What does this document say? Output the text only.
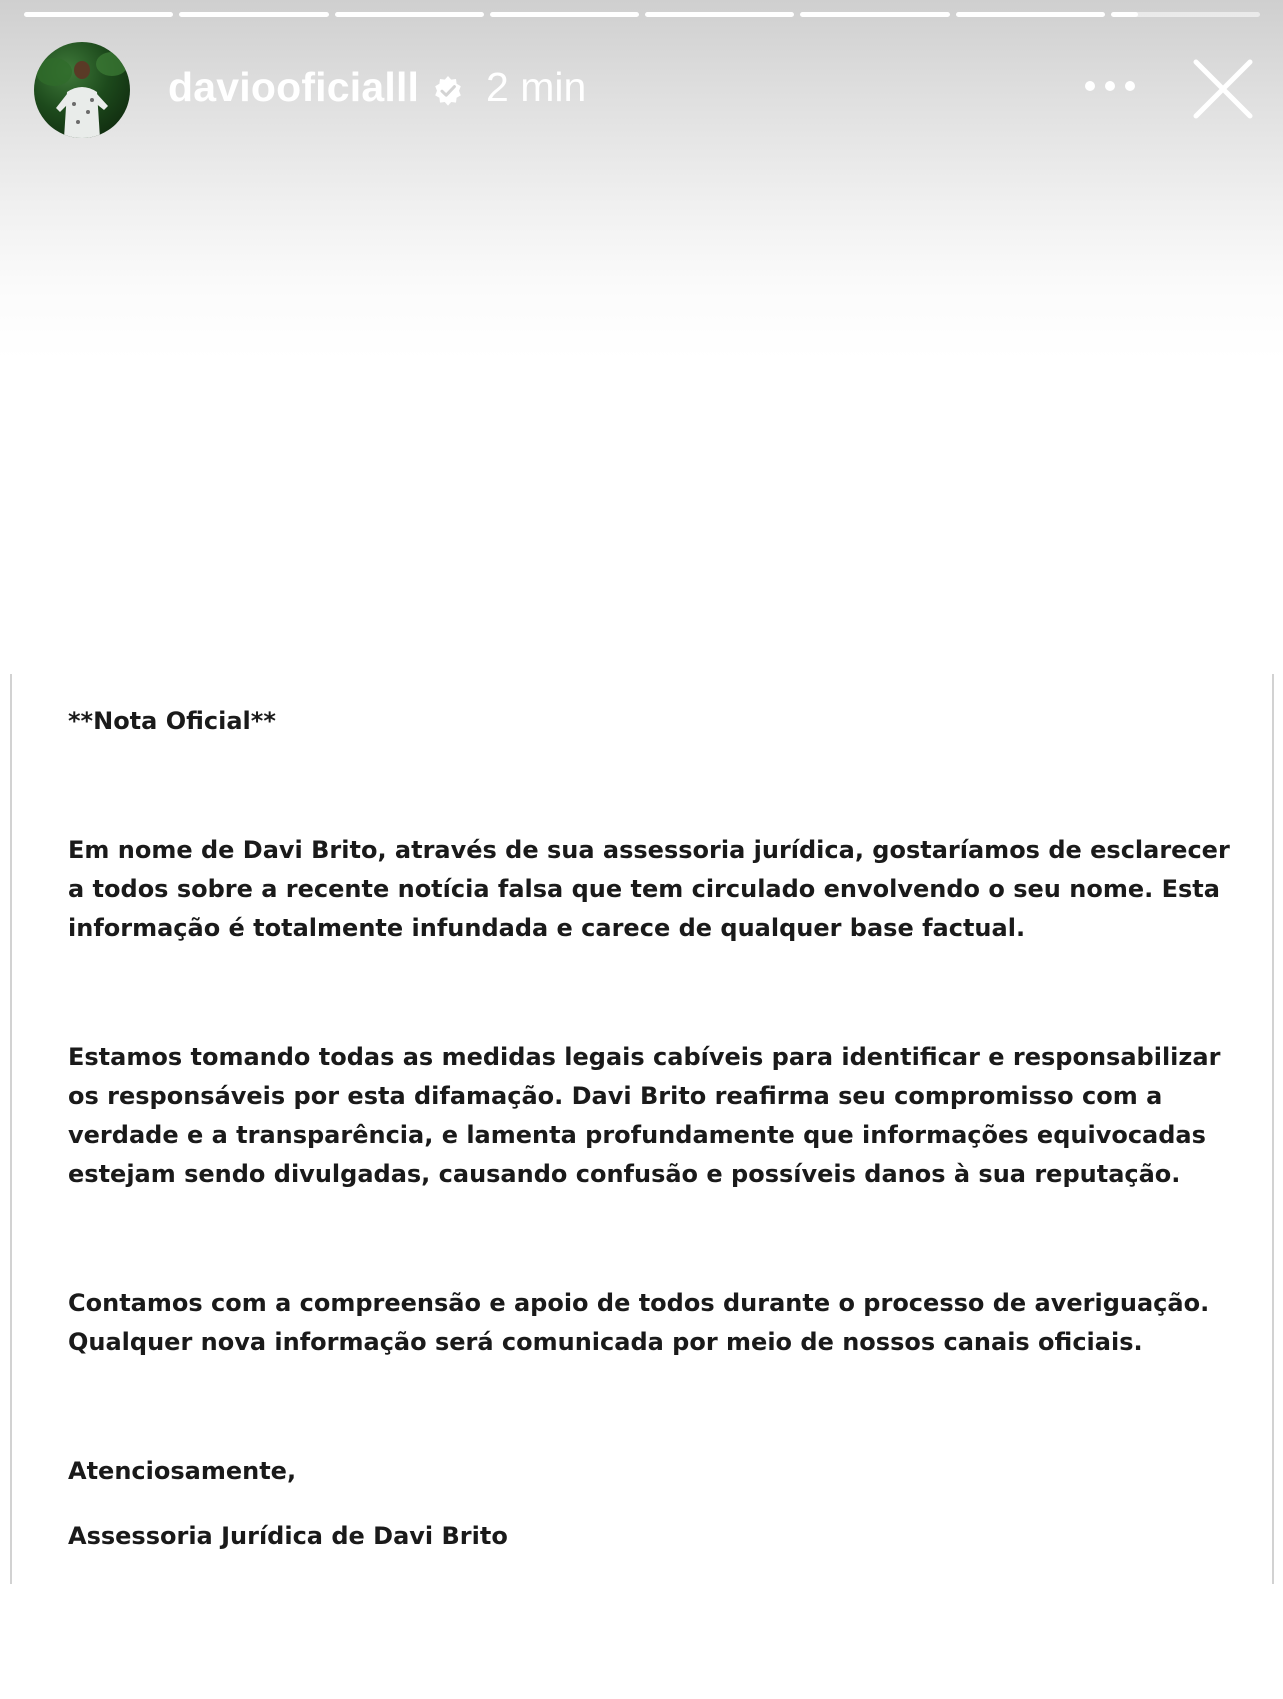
daviooficialll 2 min

**Nota Oficial**

Em nome de Davi Brito, através de sua assessoria jurídica, gostaríamos de esclarecer a todos sobre a recente notícia falsa que tem circulado envolvendo o seu nome. Esta informação é totalmente infundada e carece de qualquer base factual.

Estamos tomando todas as medidas legais cabíveis para identificar e responsabilizar os responsáveis por esta difamação. Davi Brito reafirma seu compromisso com a verdade e a transparência, e lamenta profundamente que informações equivocadas estejam sendo divulgadas, causando confusão e possíveis danos à sua reputação.

Contamos com a compreensão e apoio de todos durante o processo de averiguação. Qualquer nova informação será comunicada por meio de nossos canais oficiais.

Atenciosamente,

Assessoria Jurídica de Davi Brito
